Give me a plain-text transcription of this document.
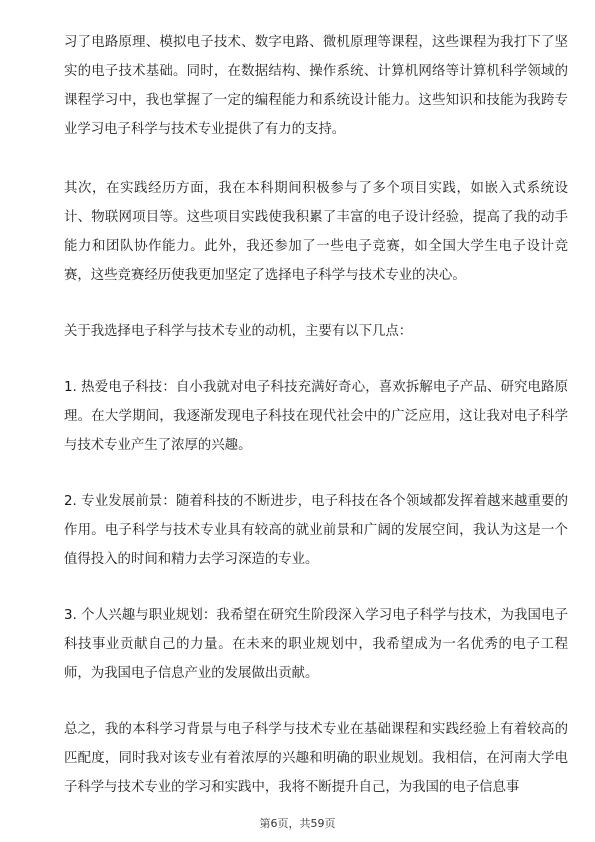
习了电路原理、模拟电子技术、数字电路、微机原理等课程，这些课程为我打下了坚实的电子技术基础。同时，在数据结构、操作系统、计算机网络等计算机科学领域的课程学习中，我也掌握了一定的编程能力和系统设计能力。这些知识和技能为我跨专业学习电子科学与技术专业提供了有力的支持。

其次，在实践经历方面，我在本科期间积极参与了多个项目实践，如嵌入式系统设计、物联网项目等。这些项目实践使我积累了丰富的电子设计经验，提高了我的动手能力和团队协作能力。此外，我还参加了一些电子竞赛，如全国大学生电子设计竞赛，这些竞赛经历使我更加坚定了选择电子科学与技术专业的决心。

关于我选择电子科学与技术专业的动机，主要有以下几点：

1. 热爱电子科技：自小我就对电子科技充满好奇心，喜欢拆解电子产品、研究电路原理。在大学期间，我逐渐发现电子科技在现代社会中的广泛应用，这让我对电子科学与技术专业产生了浓厚的兴趣。

2. 专业发展前景：随着科技的不断进步，电子科技在各个领域都发挥着越来越重要的作用。电子科学与技术专业具有较高的就业前景和广阔的发展空间，我认为这是一个值得投入的时间和精力去学习深造的专业。

3. 个人兴趣与职业规划：我希望在研究生阶段深入学习电子科学与技术，为我国电子科技事业贡献自己的力量。在未来的职业规划中，我希望成为一名优秀的电子工程师，为我国电子信息产业的发展做出贡献。

总之，我的本科学习背景与电子科学与技术专业在基础课程和实践经验上有着较高的匹配度，同时我对该专业有着浓厚的兴趣和明确的职业规划。我相信，在河南大学电子科学与技术专业的学习和实践中，我将不断提升自己，为我国的电子信息事

第6页，共59页
